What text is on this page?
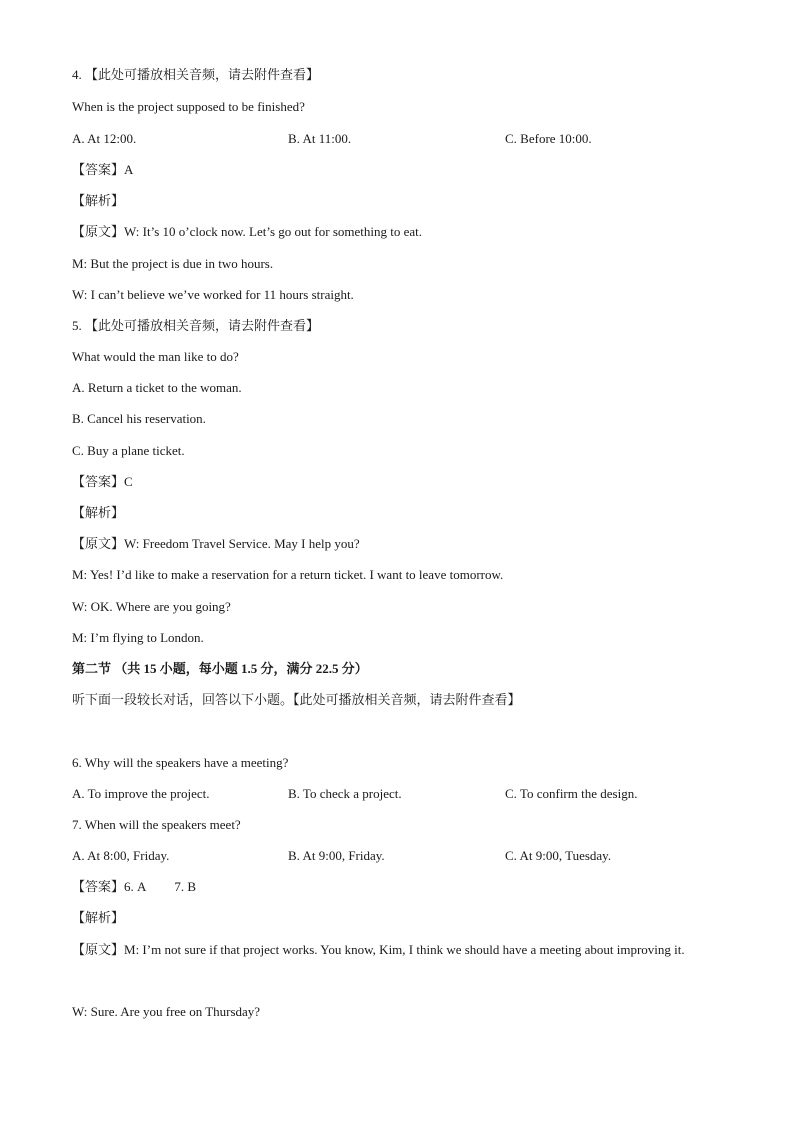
4. 【此处可播放相关音频，请去附件查看】
When is the project supposed to be finished?
A. At 12:00.	B. At 11:00.	C. Before 10:00.
【答案】A
【解析】
【原文】W: It’s 10 o’clock now. Let’s go out for something to eat.
M: But the project is due in two hours.
W: I can’t believe we’ve worked for 11 hours straight.
5. 【此处可播放相关音频，请去附件查看】
What would the man like to do?
A. Return a ticket to the woman.
B. Cancel his reservation.
C. Buy a plane ticket.
【答案】C
【解析】
【原文】W: Freedom Travel Service. May I help you?
M: Yes! I’d like to make a reservation for a return ticket. I want to leave tomorrow.
W: OK. Where are you going?
M: I’m flying to London.
第二节 （共 15 小题，每小题 1.5 分，满分 22.5 分）
听下面一段较长对话，回答以下小题。【此处可播放相关音频，请去附件查看】
6. Why will the speakers have a meeting?
A. To improve the project.	B. To check a project.	C. To confirm the design.
7. When will the speakers meet?
A. At 8:00, Friday.	B. At 9:00, Friday.	C. At 9:00, Tuesday.
【答案】6. A 7. B
【解析】
【原文】M: I’m not sure if that project works. You know, Kim, I think we should have a meeting about improving it.
W: Sure. Are you free on Thursday?
